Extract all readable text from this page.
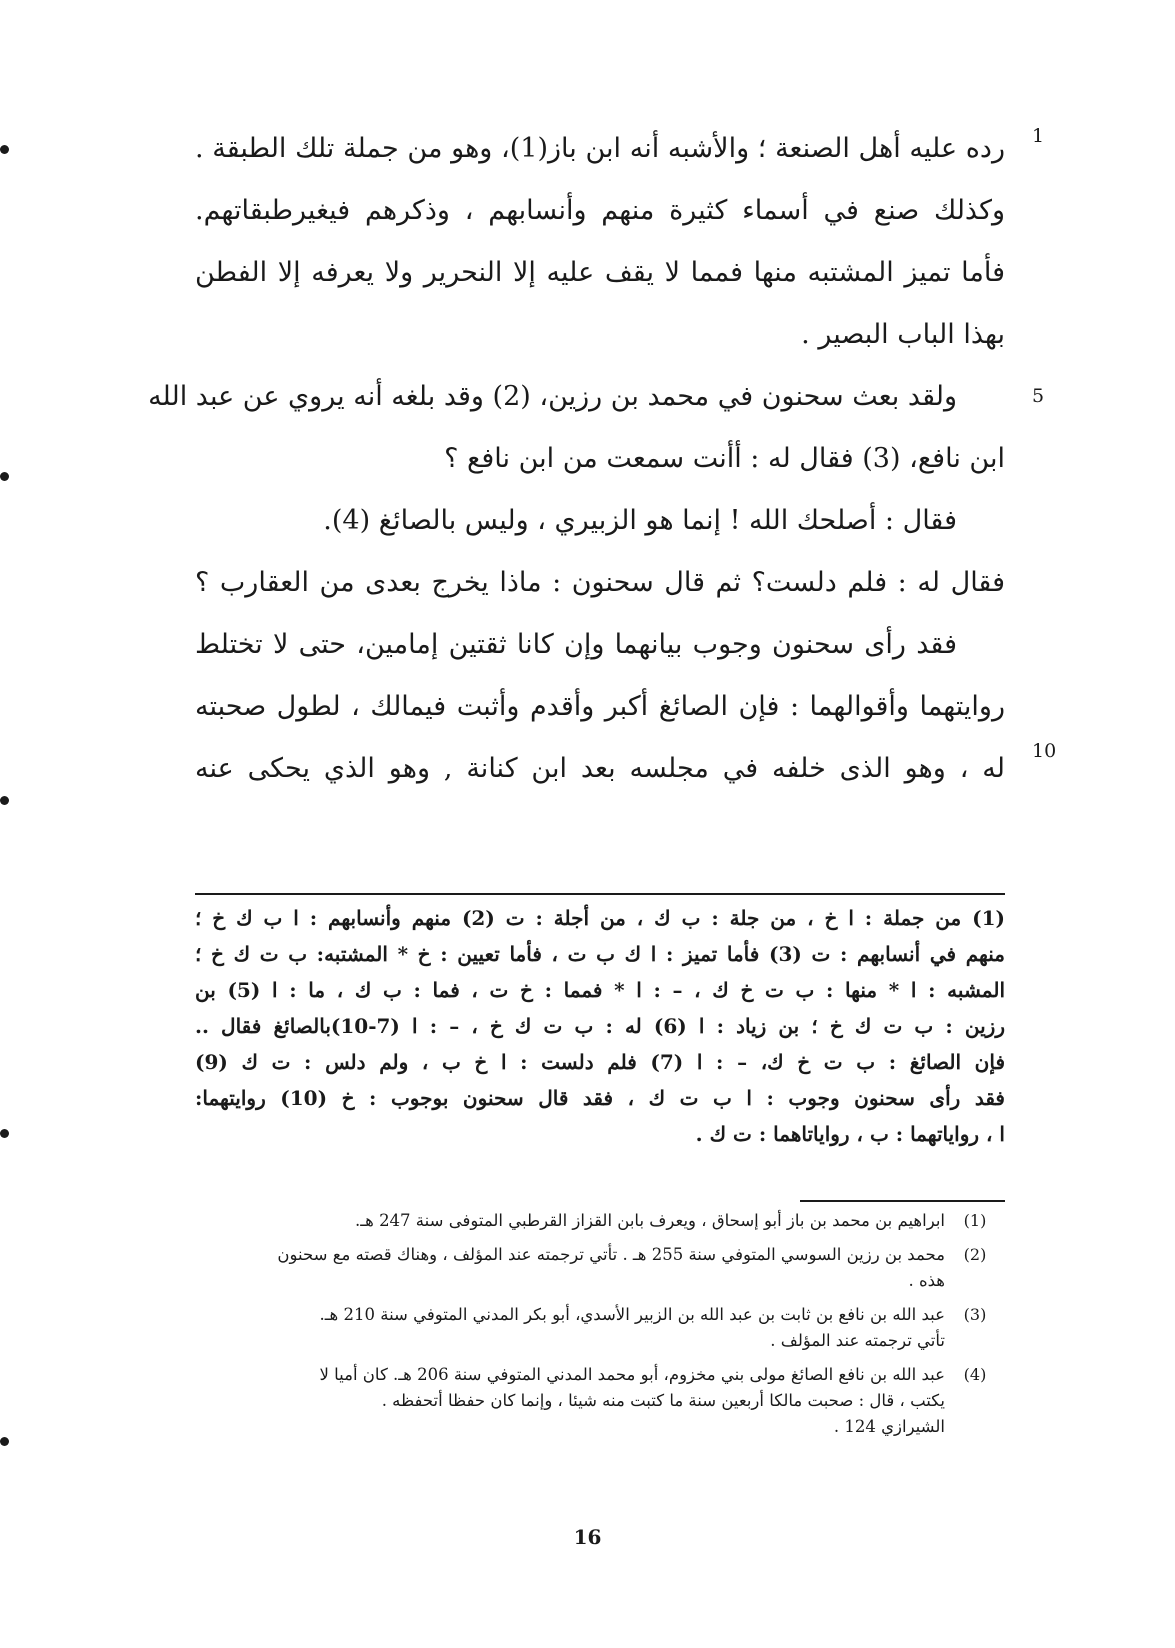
1
5
10
رده عليه أهل الصنعة ؛ والأشبه أنه ابن باز(1)، وهو من جملة تلك الطبقة .
وكذلك صنع في أسماء كثيرة منهم وأنسابهم ، وذكرهم فيغيرطبقاتهم.
فأما تميز المشتبه منها فمما لا يقف عليه إلا النحرير ولا يعرفه إلا الفطن
بهذا الباب البصير .
ولقد بعث سحنون في محمد بن رزين، (2) وقد بلغه أنه يروي عن عبد الله
ابن نافع، (3) فقال له : أأنت سمعت من ابن نافع ؟
فقال : أصلحك الله ! إنما هو الزبيري ، وليس بالصائغ (4).
فقال له : فلم دلست؟ ثم قال سحنون : ماذا يخرج بعدى من العقارب ؟
فقد رأى سحنون وجوب بيانهما وإن كانا ثقتين إمامين، حتى لا تختلط
روايتهما وأقوالهما : فإن الصائغ أكبر وأقدم وأثبت فيمالك ، لطول صحبته
له ، وهو الذى خلفه في مجلسه بعد ابن كنانة , وهو الذي يحكى عنه
(1) من جملة : ا خ ، من جلة : ب ك ، من أجلة : ت (2) منهم وأنسابهم : ا ب ك خ ؛
منهم في أنسابهم : ت (3) فأما تميز : ا ك ب ت ، فأما تعيين : خ * المشتبه: ب ت ك خ ؛
المشبه : ا * منها : ب ت خ ك ، – : ا * فمما : خ ت ، فما : ب ك ، ما : ا (5) بن
رزين : ب ت ك خ ؛ بن زياد : ا (6) له : ب ت ك خ ، – : ا (7-10)بالصائغ فقال ..
فإن الصائغ : ب ت خ ك، – : ا (7) فلم دلست : ا خ ب ، ولم دلس : ت ك (9)
فقد رأى سحنون وجوب : ا ب ت ك ، فقد قال سحنون بوجوب : خ (10) روايتهما:
ا ، رواياتهما : ب ، رواياتاهما : ت ك .
(1)
ابراهيم بن محمد بن باز أبو إسحاق ، ويعرف بابن القزاز القرطبي المتوفى سنة 247 هـ.
(2)
محمد بن رزين السوسي المتوفي سنة 255 هـ . تأتي ترجمته عند المؤلف ، وهناك قصته مع سحنون
هذه .
(3)
عبد الله بن نافع بن ثابت بن عبد الله بن الزبير الأسدي، أبو بكر المدني المتوفي سنة 210 هـ.
تأتي ترجمته عند المؤلف .
(4)
عبد الله بن نافع الصائغ مولى بني مخزوم، أبو محمد المدني المتوفي سنة 206 هـ. كان أميا لا
يكتب ، قال : صحبت مالكا أربعين سنة ما كتبت منه شيئا ، وإنما كان حفظا أتحفظه .
الشيرازي 124 .
16
